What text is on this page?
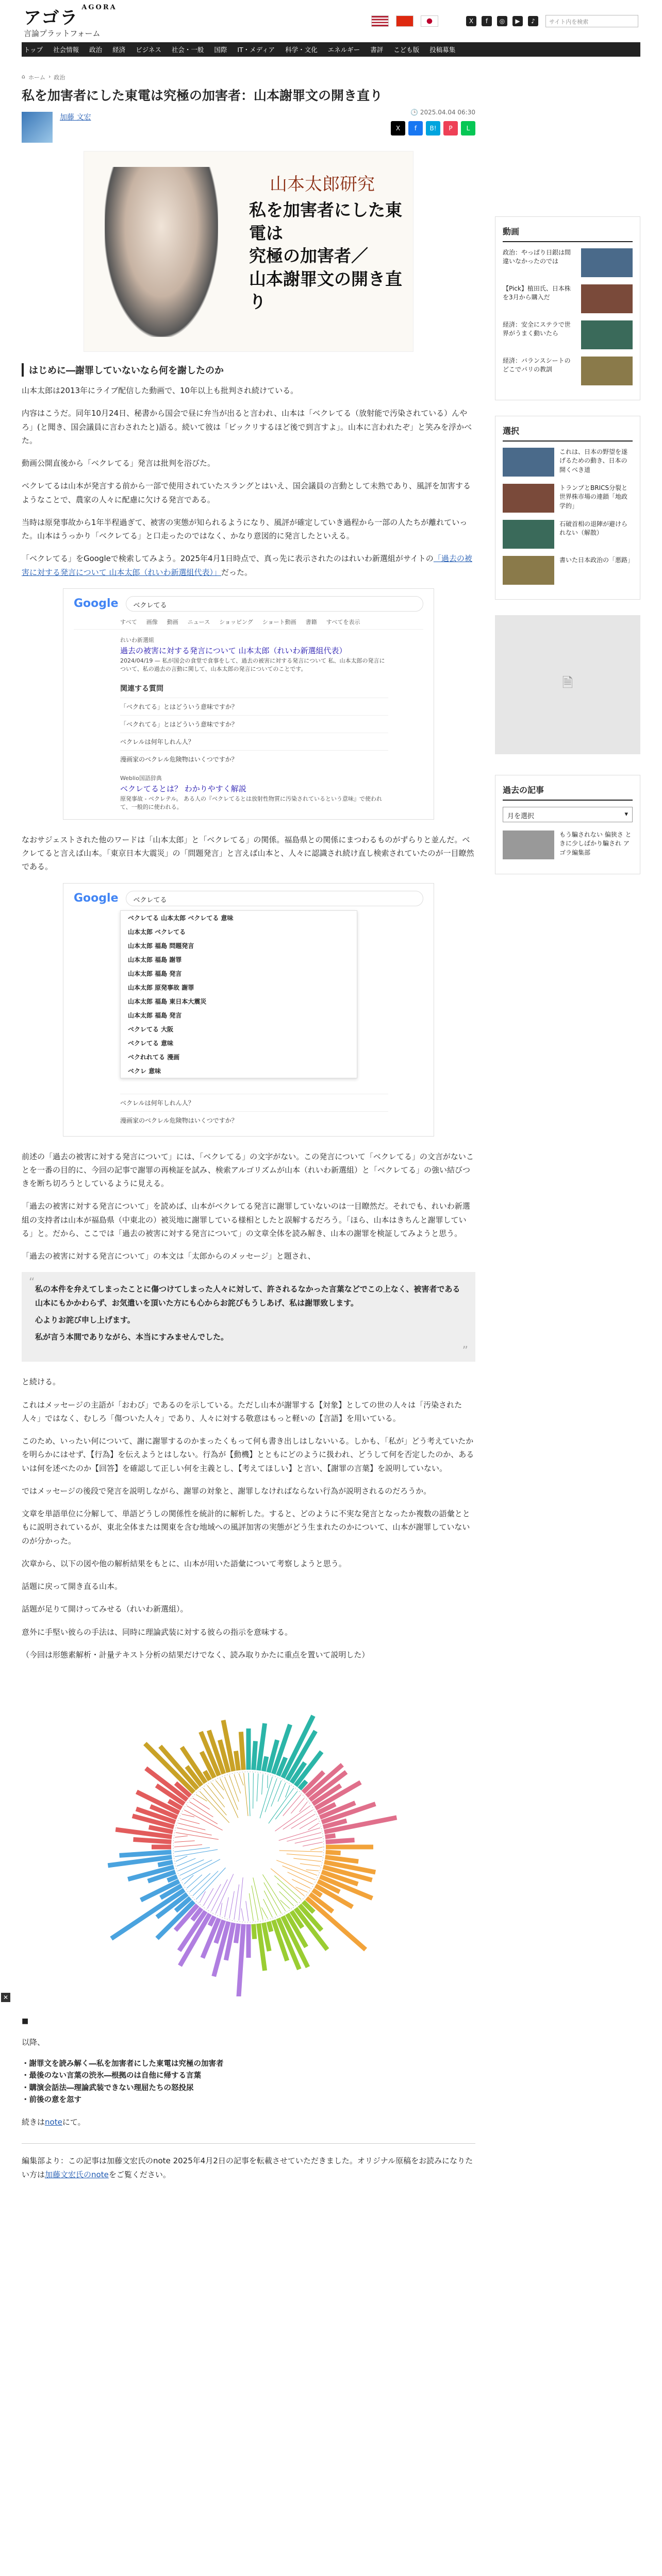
アゴラ$^{AGORA}$
言論プラットフォーム
X	f	◎	▶	♪	サイト内を検索
トップ 社会情報 政治 経済 ビジネス 社会・一般 国際 IT・メディア 科学・文化 エネルギー 書評 こども版 投稿募集
⌂ ホーム › 政治
私を加害者にした東電は究極の加害者：山本謝罪文の開き直り
加藤 文宏
🕒 2025.04.04 06:30
X	f	B!	P	L
山本太郎研究
私を加害者にした東電は
究極の加害者／
山本謝罪文の開き直り
はじめに―謝罪していないなら何を謝したのか

山本太郎は2013年にライブ配信した動画で、10年以上も批判され続けている。

内容はこうだ。同年10月24日、秘書から国会で昼に弁当が出ると言われ、山本は「ベクレてる（放射能で汚染されている）んやろ」(と聞き、国会議員に言わされたと)語る。続いて彼は「ビックリするほど後で到言すよ」。山本に言われたぞ」と笑みを浮かべた。

動画公開直後から「ベクレてる」発言は批判を浴びた。

ベクレてるは山本が発言する前から一部で使用されていたスラングとはいえ、国会議員の言動として未熟であり、風評を加害するようなことで、農家の人々に配慮に欠ける発言である。

当時は原発事故から1年半程過ぎて、被害の実態が知られるようになり、風評が確定していき過程から一部の人たちが離れていった。山本はうっかり「ベクレてる」と口走ったのではなく、かなり意図的に発言したといえる。

「ベクレてる」をGoogleで検索してみよう。2025年4月1日時点で、真っ先に表示されたのはれいわ新選組がサイトの「過去の被害に対する発言について 山本太郎（れいわ新選組代表）」だった。

Google	ベクレてる
すべて 画像 動画 ニュース ショッピング ショート動画 書籍 すべてを表示
れいわ新選組
過去の被害に対する発言について 山本太郎（れいわ新選組代表）
2024/04/19 — 私が国会の食堂で食事をして、過去の被害に対する発言について 私、山本太郎の発言について、私の過去の言動に関して、山本太郎の発言についてのことです。
関連する質問
「ベクれてる」とはどういう意味ですか？
「ベクれてる」とはどういう意味ですか？
ベクレルは何年しれん人？
漫画家のベクレル危険物はいくつですか？
Weblio国語辞典
ベクレてるとは？ わかりやすく解説
原発事故 - ベクレテル。 ある人の『ベクレてるとは放射性物質に汚染されているという意味』で使われて、一般的に使われる。

なおサジェストされた他のワードは「山本太郎」と「ベクレてる」の関係。福島県との関係にまつわるものがずらりと並んだ。ベクレてると言えば山本。「東京日本大震災」の「問題発言」と言えば山本と、人々に認識され続け直し検索されていたのが一目瞭然である。

Google	ベクレてる
ベクレてる 山本太郎 ベクレてる 意味
山本太郎 ベクレてる
山本太郎 福島 問題発言
山本太郎 福島 謝罪
山本太郎 福島 発言
山本太郎 原発事故 謝罪
山本太郎 福島 東日本大震災
山本太郎 福島 発言
ベクレてる 大阪
ベクレてる 意味
ベクれれてる 漫画
ベクレ 意味
ベクレルは何年しれん人？
漫画家のベクレル危険物はいくつですか？

前述の「過去の被害に対する発言について」には、「ベクレてる」の文字がない。この発言について「ベクレてる」の文言がないことを一番の目的に、今回の記事で謝罪の再検証を試み、検索アルゴリズムが山本（れいわ新選組）と「ベクレてる」の強い結びつきを断ち切ろうとしているように見える。

「過去の被害に対する発言について」を読めば、山本がベクレてる発言に謝罪していないのは一目瞭然だ。それでも、れいわ新選組の支持者は山本が福島県（中東北の）被災地に謝罪している様相としたと誤解するだろう。「ほら、山本はきちんと謝罪している」と。だから、ここでは「過去の被害に対する発言について」の文章全体を読み解き、山本の謝罪を検証してみようと思う。

「過去の被害に対する発言について」の本文は「太郎からのメッセージ」と題され、

“ 私の本件を弁えてしまったことに傷つけてしまった人々に対して、許されるなかった言葉などでこの上なく、被害者である山本にもかかわらず、お気遣いを頂いた方にも心からお詫びもうしあげ、私は謝罪致します。

心よりお詫び申し上げます。

私が言う本間でありながら、本当にすみませんでした。

”

と続ける。

これはメッセージの主語が「おわび」であるのを示している。ただし山本が謝罪する【対象】としての世の人々は「汚染された人々」ではなく、むしろ「傷ついた人々」であり、人々に対する敬意はもっと軽いの【言語】を用いている。

このため、いったい何について、謝に謝罪するのかまったくもって何も書き出しはしないいる。しかも、「私が」どう考えていたかを明らかにはせず、【行為】を伝えようとはしない。行為が【動機】とともにどのように扱われ、どうして何を否定したのか、あるいは何を述べたのか【回答】を確認して正しい何を主義とし、【考えてほしい】と言い、【謝罪の言葉】を説明していない。

ではメッセージの後段で発言を説明しながら、謝罪の対象と、謝罪しなければならない行為が説明されるのだろうか。

文章を単語単位に分解して、単語どうしの関係性を統計的に解析した。すると、どのように不実な発言となったか複数の語彙とともに説明されているが、東北全体または関東を含む地域への風評加害の実態がどう生まれたのかについて、山本が謝罪していないのが分かった。

次章から、以下の図や他の解析結果をもとに、山本が用いた語彙について考察しようと思う。

話題に戻って開き直る山本。

話題が足りて開けってみせる（れいわ新選組）。

意外に手堅い彼らの手法は、同時に理論武装に対する彼らの指示を意味する。

（今回は形態素解析・計量テキスト分析の結果だけでなく、読み取りかたに重点を置いて説明した）

■

以降、

・謝罪文を読み解く―私を加害者にした東電は究極の加害者
・最後のない言葉の渋氷―根拠のは自他に帰する言葉
・購演会話法―理論武装できない理屈たちの怒投尿
・前後の意を忽す

続きはnoteにて。

編集部より：この記事は加藤文宏氏のnote 2025年4月2日の記事を転載させていただきました。オリジナル原稿をお読みになりたい方は加藤文宏氏のnoteをご覧ください。

動画
政治：やっぱり日銀は間違いなかったのでは
【Pick】植田氏、日本株を3月から購入だ
経済：安全にステラで世界がうまく動いたら
経済：バランスシートのどこでパリの教訓
選択
これは、日本の野望を遂げるための動き、日本の開くべき道
トランプとBRICS分裂と世界株市場の連鎖「地政学的」
石破首相の退陣が避けられない（解散）
書いた日本政治の「悪路」
🗎
過去の記事
月を選択	▾
もう騙されない 偏狭さ ときに少しばかり騙され アゴラ編集部
✕
